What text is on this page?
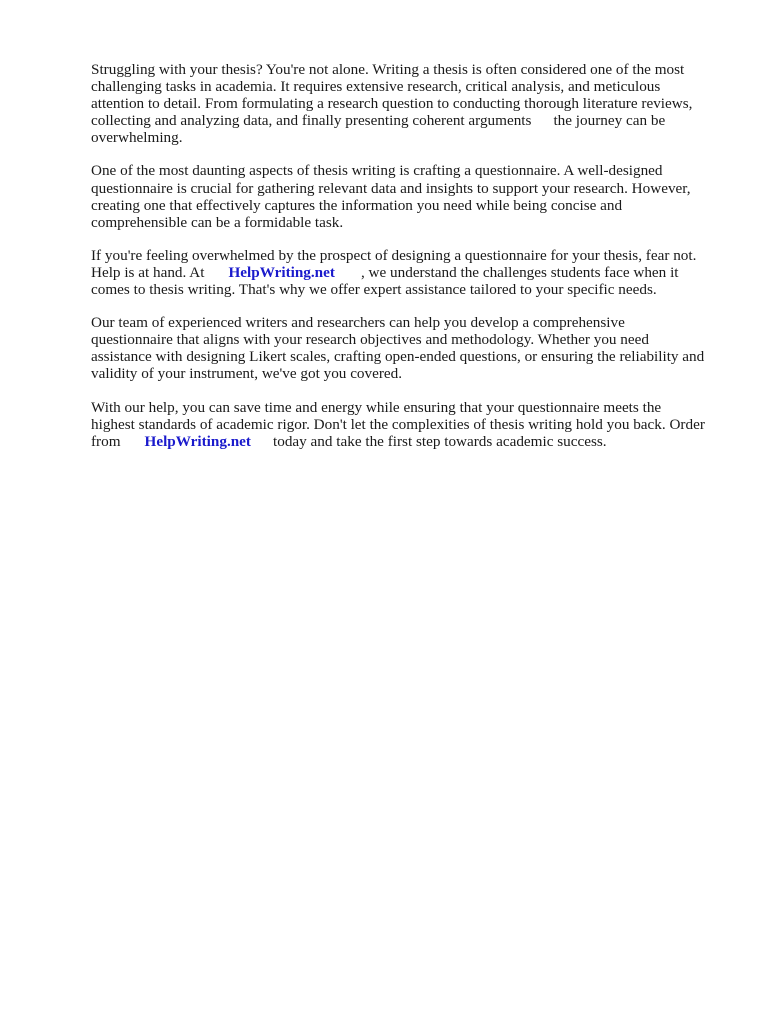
Struggling with your thesis? You're not alone. Writing a thesis is often considered one of the most
challenging tasks in academia. It requires extensive research, critical analysis, and meticulous
attention to detail. From formulating a research question to conducting thorough literature reviews,
collecting and analyzing data, and finally presenting coherent arguments the journey can be
overwhelming.

One of the most daunting aspects of thesis writing is crafting a questionnaire. A well-designed
questionnaire is crucial for gathering relevant data and insights to support your research. However,
creating one that effectively captures the information you need while being concise and
comprehensible can be a formidable task.

If you're feeling overwhelmed by the prospect of designing a questionnaire for your thesis, fear not.
Help is at hand. At HelpWriting.net , we understand the challenges students face when it
comes to thesis writing. That's why we offer expert assistance tailored to your specific needs.

Our team of experienced writers and researchers can help you develop a comprehensive
questionnaire that aligns with your research objectives and methodology. Whether you need
assistance with designing Likert scales, crafting open-ended questions, or ensuring the reliability and
validity of your instrument, we've got you covered.

With our help, you can save time and energy while ensuring that your questionnaire meets the
highest standards of academic rigor. Don't let the complexities of thesis writing hold you back. Order
from HelpWriting.net today and take the first step towards academic success.
